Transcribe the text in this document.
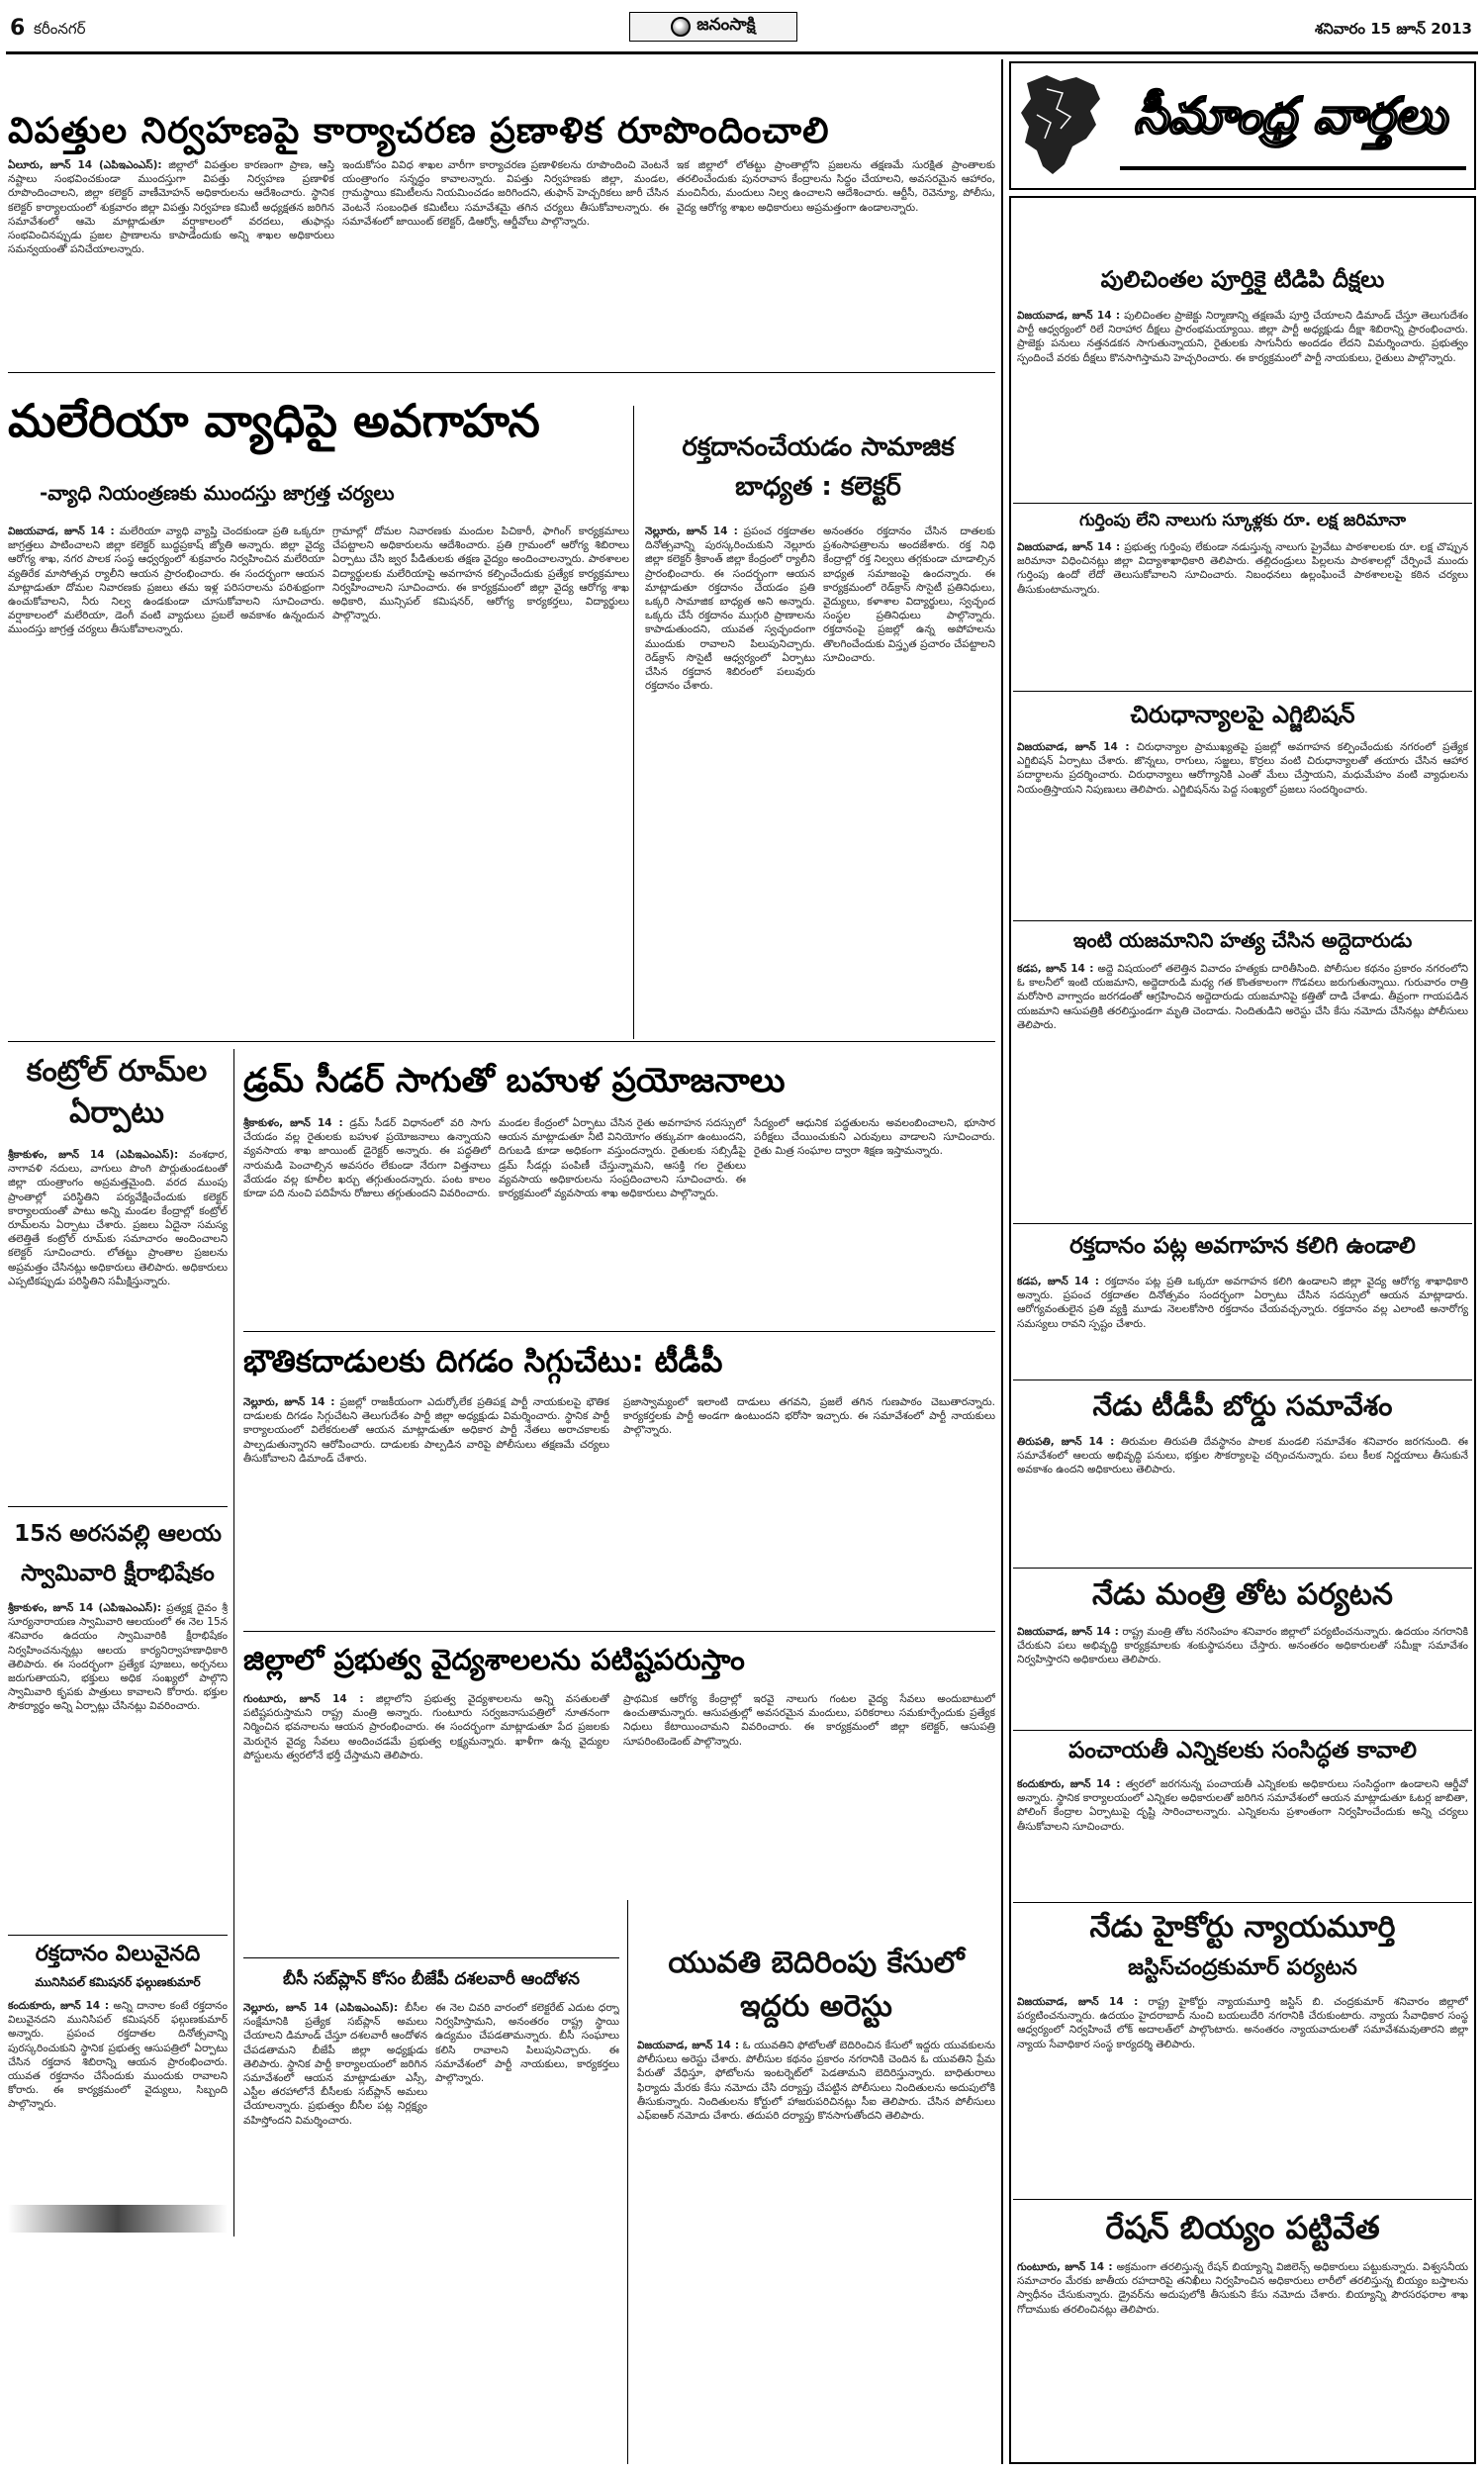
6 కరీంనగర్	జనంసాక్షి	శనివారం 15 జూన్ 2013
విపత్తుల నిర్వహణపై కార్యాచరణ ప్రణాళిక రూపొందించాలి
ఏలూరు, జూన్ 14 (ఎపిఇఎంఎస్): జిల్లాలో విపత్తుల కారణంగా ప్రాణ, ఆస్తి నష్టాలు సంభవించకుండా ముందస్తుగా విపత్తు నిర్వహణ ప్రణాళిక రూపొందించాలని, జిల్లా కలెక్టర్ వాణీమోహన్ అధికారులను ఆదేశించారు. స్థానిక కలెక్టర్ కార్యాలయంలో శుక్రవారం జిల్లా విపత్తు నిర్వహణ కమిటీ అధ్యక్షతన జరిగిన సమావేశంలో ఆమె మాట్లాడుతూ వర్షాకాలంలో వరదలు, తుఫాన్లు సంభవించినప్పుడు ప్రజల ప్రాణాలను కాపాడేందుకు అన్ని శాఖల అధికారులు సమన్వయంతో పనిచేయాలన్నారు.
ఇందుకోసం వివిధ శాఖల వారీగా కార్యాచరణ ప్రణాళికలను రూపొందించి వెంటనే యంత్రాంగం సన్నద్ధం కావాలన్నారు. విపత్తు నిర్వహణకు జిల్లా, మండల, గ్రామస్థాయి కమిటీలను నియమించడం జరిగిందని, తుఫాన్ హెచ్చరికలు జారీ చేసిన వెంటనే సంబంధిత కమిటీలు సమావేశమై తగిన చర్యలు తీసుకోవాలన్నారు. ఈ సమావేశంలో జాయింట్ కలెక్టర్, డిఆర్వో, ఆర్డీవోలు పాల్గొన్నారు.
ఇక జిల్లాలో లోతట్టు ప్రాంతాల్లోని ప్రజలను తక్షణమే సురక్షిత ప్రాంతాలకు తరలించేందుకు పునరావాస కేంద్రాలను సిద్ధం చేయాలని, అవసరమైన ఆహారం, మంచినీరు, మందులు నిల్వ ఉంచాలని ఆదేశించారు. ఆర్టీసీ, రెవెన్యూ, పోలీసు, వైద్య ఆరోగ్య శాఖల అధికారులు అప్రమత్తంగా ఉండాలన్నారు.
మలేరియా వ్యాధిపై అవగాహన
-వ్యాధి నియంత్రణకు ముందస్తు జాగ్రత్త చర్యలు
విజయవాడ, జూన్ 14 : మలేరియా వ్యాధి వ్యాప్తి చెందకుండా ప్రతి ఒక్కరూ జాగ్రత్తలు పాటించాలని జిల్లా కలెక్టర్ బుద్ధప్రకాష్ జ్యోతి అన్నారు. జిల్లా వైద్య ఆరోగ్య శాఖ, నగర పాలక సంస్థ ఆధ్వర్యంలో శుక్రవారం నిర్వహించిన మలేరియా వ్యతిరేక మాసోత్సవ ర్యాలీని ఆయన ప్రారంభించారు. ఈ సందర్భంగా ఆయన మాట్లాడుతూ దోమల నివారణకు ప్రజలు తమ ఇళ్ల పరిసరాలను పరిశుభ్రంగా ఉంచుకోవాలని, నీరు నిల్వ ఉండకుండా చూసుకోవాలని సూచించారు. వర్షాకాలంలో మలేరియా, డెంగీ వంటి వ్యాధులు ప్రబలే అవకాశం ఉన్నందున ముందస్తు జాగ్రత్త చర్యలు తీసుకోవాలన్నారు.
గ్రామాల్లో దోమల నివారణకు మందుల పిచికారీ, ఫాగింగ్ కార్యక్రమాలు చేపట్టాలని అధికారులను ఆదేశించారు. ప్రతి గ్రామంలో ఆరోగ్య శిబిరాలు ఏర్పాటు చేసి జ్వర పీడితులకు తక్షణ వైద్యం అందించాలన్నారు. పాఠశాలల విద్యార్థులకు మలేరియాపై అవగాహన కల్పించేందుకు ప్రత్యేక కార్యక్రమాలు నిర్వహించాలని సూచించారు. ఈ కార్యక్రమంలో జిల్లా వైద్య ఆరోగ్య శాఖ అధికారి, మున్సిపల్ కమిషనర్, ఆరోగ్య కార్యకర్తలు, విద్యార్థులు పాల్గొన్నారు.
రక్తదానంచేయడం సామాజిక బాధ్యత : కలెక్టర్
నెల్లూరు, జూన్ 14 : ప్రపంచ రక్తదాతల దినోత్సవాన్ని పురస్కరించుకుని నెల్లూరు జిల్లా కలెక్టర్ శ్రీకాంత్ జిల్లా కేంద్రంలో ర్యాలీని ప్రారంభించారు. ఈ సందర్భంగా ఆయన మాట్లాడుతూ రక్తదానం చేయడం ప్రతి ఒక్కరి సామాజిక బాధ్యత అని అన్నారు. ఒక్కరు చేసే రక్తదానం ముగ్గురి ప్రాణాలను కాపాడుతుందని, యువత స్వచ్ఛందంగా ముందుకు రావాలని పిలుపునిచ్చారు. రెడ్‌క్రాస్ సొసైటీ ఆధ్వర్యంలో ఏర్పాటు చేసిన రక్తదాన శిబిరంలో పలువురు రక్తదానం చేశారు.
అనంతరం రక్తదానం చేసిన దాతలకు ప్రశంసాపత్రాలను అందజేశారు. రక్త నిధి కేంద్రాల్లో రక్త నిల్వలు తగ్గకుండా చూడాల్సిన బాధ్యత సమాజంపై ఉందన్నారు. ఈ కార్యక్రమంలో రెడ్‌క్రాస్ సొసైటీ ప్రతినిధులు, వైద్యులు, కళాశాల విద్యార్థులు, స్వచ్ఛంద సంస్థల ప్రతినిధులు పాల్గొన్నారు. రక్తదానంపై ప్రజల్లో ఉన్న అపోహలను తొలగించేందుకు విస్తృత ప్రచారం చేపట్టాలని సూచించారు.
కంట్రోల్ రూమ్‌ల ఏర్పాటు
శ్రీకాకుళం, జూన్ 14 (ఎపిఇఎంఎస్): వంశధార, నాగావళి నదులు, వాగులు పొంగి పొర్లుతుండటంతో జిల్లా యంత్రాంగం అప్రమత్తమైంది. వరద ముంపు ప్రాంతాల్లో పరిస్థితిని పర్యవేక్షించేందుకు కలెక్టర్ కార్యాలయంతో పాటు అన్ని మండల కేంద్రాల్లో కంట్రోల్ రూమ్‌లను ఏర్పాటు చేశారు. ప్రజలు ఏదైనా సమస్య తలెత్తితే కంట్రోల్ రూమ్‌కు సమాచారం అందించాలని కలెక్టర్ సూచించారు. లోతట్టు ప్రాంతాల ప్రజలను అప్రమత్తం చేసినట్లు అధికారులు తెలిపారు. అధికారులు ఎప్పటికప్పుడు పరిస్థితిని సమీక్షిస్తున్నారు.
15న అరసవల్లి ఆలయ స్వామివారి క్షీరాభిషేకం
శ్రీకాకుళం, జూన్ 14 (ఎపిఇఎంఎస్): ప్రత్యక్ష దైవం శ్రీ సూర్యనారాయణ స్వామివారి ఆలయంలో ఈ నెల 15న శనివారం ఉదయం స్వామివారికి క్షీరాభిషేకం నిర్వహించనున్నట్లు ఆలయ కార్యనిర్వాహణాధికారి తెలిపారు. ఈ సందర్భంగా ప్రత్యేక పూజలు, అర్చనలు జరుగుతాయని, భక్తులు అధిక సంఖ్యలో పాల్గొని స్వామివారి కృపకు పాత్రులు కావాలని కోరారు. భక్తుల సౌకర్యార్థం అన్ని ఏర్పాట్లు చేసినట్లు వివరించారు.
రక్తదానం విలువైనది
మునిసిపల్ కమిషనర్ ఫల్గుణకుమార్
కందుకూరు, జూన్ 14 : అన్ని దానాల కంటే రక్తదానం విలువైనదని మునిసిపల్ కమిషనర్ ఫల్గుణకుమార్ అన్నారు. ప్రపంచ రక్తదాతల దినోత్సవాన్ని పురస్కరించుకుని స్థానిక ప్రభుత్వ ఆసుపత్రిలో ఏర్పాటు చేసిన రక్తదాన శిబిరాన్ని ఆయన ప్రారంభించారు. యువత రక్తదానం చేసేందుకు ముందుకు రావాలని కోరారు. ఈ కార్యక్రమంలో వైద్యులు, సిబ్బంది పాల్గొన్నారు.
డ్రమ్ సీడర్ సాగుతో బహుళ ప్రయోజనాలు
శ్రీకాకుళం, జూన్ 14 : డ్రమ్ సీడర్ విధానంలో వరి సాగు చేయడం వల్ల రైతులకు బహుళ ప్రయోజనాలు ఉన్నాయని వ్యవసాయ శాఖ జాయింట్ డైరెక్టర్ అన్నారు. ఈ పద్ధతిలో నారుమడి పెంచాల్సిన అవసరం లేకుండా నేరుగా విత్తనాలు వేయడం వల్ల కూలీల ఖర్చు తగ్గుతుందన్నారు. పంట కాలం కూడా పది నుంచి పదిహేను రోజులు తగ్గుతుందని వివరించారు.
మండల కేంద్రంలో ఏర్పాటు చేసిన రైతు అవగాహన సదస్సులో ఆయన మాట్లాడుతూ నీటి వినియోగం తక్కువగా ఉంటుందని, దిగుబడి కూడా అధికంగా వస్తుందన్నారు. రైతులకు సబ్సిడీపై డ్రమ్ సీడర్లు పంపిణీ చేస్తున్నామని, ఆసక్తి గల రైతులు వ్యవసాయ అధికారులను సంప్రదించాలని సూచించారు. ఈ కార్యక్రమంలో వ్యవసాయ శాఖ అధికారులు పాల్గొన్నారు.
సేద్యంలో ఆధునిక పద్ధతులను అవలంబించాలని, భూసార పరీక్షలు చేయించుకుని ఎరువులు వాడాలని సూచించారు. రైతు మిత్ర సంఘాల ద్వారా శిక్షణ ఇస్తామన్నారు.
భౌతికదాడులకు దిగడం సిగ్గుచేటు: టీడీపీ
నెల్లూరు, జూన్ 14 : ప్రజల్లో రాజకీయంగా ఎదుర్కోలేక ప్రతిపక్ష పార్టీ నాయకులపై భౌతిక దాడులకు దిగడం సిగ్గుచేటని తెలుగుదేశం పార్టీ జిల్లా అధ్యక్షుడు విమర్శించారు. స్థానిక పార్టీ కార్యాలయంలో విలేకరులతో ఆయన మాట్లాడుతూ అధికార పార్టీ నేతలు అరాచకాలకు పాల్పడుతున్నారని ఆరోపించారు. దాడులకు పాల్పడిన వారిపై పోలీసులు తక్షణమే చర్యలు తీసుకోవాలని డిమాండ్ చేశారు.
ప్రజాస్వామ్యంలో ఇలాంటి దాడులు తగవని, ప్రజలే తగిన గుణపాఠం చెబుతారన్నారు. కార్యకర్తలకు పార్టీ అండగా ఉంటుందని భరోసా ఇచ్చారు. ఈ సమావేశంలో పార్టీ నాయకులు పాల్గొన్నారు.
జిల్లాలో ప్రభుత్వ వైద్యశాలలను పటిష్టపరుస్తాం
గుంటూరు, జూన్ 14 : జిల్లాలోని ప్రభుత్వ వైద్యశాలలను అన్ని వసతులతో పటిష్టపరుస్తామని రాష్ట్ర మంత్రి అన్నారు. గుంటూరు సర్వజనాసుపత్రిలో నూతనంగా నిర్మించిన భవనాలను ఆయన ప్రారంభించారు. ఈ సందర్భంగా మాట్లాడుతూ పేద ప్రజలకు మెరుగైన వైద్య సేవలు అందించడమే ప్రభుత్వ లక్ష్యమన్నారు. ఖాళీగా ఉన్న వైద్యుల పోస్టులను త్వరలోనే భర్తీ చేస్తామని తెలిపారు.
ప్రాథమిక ఆరోగ్య కేంద్రాల్లో ఇరవై నాలుగు గంటల వైద్య సేవలు అందుబాటులో ఉంచుతామన్నారు. ఆసుపత్రుల్లో అవసరమైన మందులు, పరికరాలు సమకూర్చేందుకు ప్రత్యేక నిధులు కేటాయించామని వివరించారు. ఈ కార్యక్రమంలో జిల్లా కలెక్టర్, ఆసుపత్రి సూపరింటెండెంట్ పాల్గొన్నారు.
బీసీ సబ్‌ప్లాన్ కోసం బీజేపీ దశలవారీ ఆందోళన
నెల్లూరు, జూన్ 14 (ఎపిఇఎంఎస్): బీసీల సంక్షేమానికి ప్రత్యేక సబ్‌ప్లాన్ అమలు చేయాలని డిమాండ్ చేస్తూ దశలవారీ ఆందోళన చేపడతామని బీజేపీ జిల్లా అధ్యక్షుడు తెలిపారు. స్థానిక పార్టీ కార్యాలయంలో జరిగిన సమావేశంలో ఆయన మాట్లాడుతూ ఎస్సీ, ఎస్టీల తరహాలోనే బీసీలకు సబ్‌ప్లాన్ అమలు చేయాలన్నారు. ప్రభుత్వం బీసీల పట్ల నిర్లక్ష్యం వహిస్తోందని విమర్శించారు.
ఈ నెల చివరి వారంలో కలెక్టరేట్ ఎదుట ధర్నా నిర్వహిస్తామని, అనంతరం రాష్ట్ర స్థాయి ఉద్యమం చేపడతామన్నారు. బీసీ సంఘాలు కలిసి రావాలని పిలుపునిచ్చారు. ఈ సమావేశంలో పార్టీ నాయకులు, కార్యకర్తలు పాల్గొన్నారు.
యువతి బెదిరింపు కేసులో ఇద్దరు అరెస్టు
విజయవాడ, జూన్ 14 : ఓ యువతిని ఫోటోలతో బెదిరించిన కేసులో ఇద్దరు యువకులను పోలీసులు అరెస్టు చేశారు. పోలీసుల కథనం ప్రకారం నగరానికి చెందిన ఓ యువతిని ప్రేమ పేరుతో వేధిస్తూ, ఫోటోలను ఇంటర్నెట్‌లో పెడతామని బెదిరిస్తున్నారు. బాధితురాలు ఫిర్యాదు మేరకు కేసు నమోదు చేసి దర్యాప్తు చేపట్టిన పోలీసులు నిందితులను అదుపులోకి తీసుకున్నారు. నిందితులను కోర్టులో హాజరుపరిచినట్లు సీఐ తెలిపారు. చేసిన పోలీసులు ఎఫ్ఐఆర్ నమోదు చేశారు. తదుపరి దర్యాప్తు కొనసాగుతోందని తెలిపారు.
సీమాంధ్ర వార్తలు
పులిచింతల పూర్తికై టిడిపి దీక్షలు
విజయవాడ, జూన్ 14 : పులిచింతల ప్రాజెక్టు నిర్మాణాన్ని తక్షణమే పూర్తి చేయాలని డిమాండ్ చేస్తూ తెలుగుదేశం పార్టీ ఆధ్వర్యంలో రిలే నిరాహార దీక్షలు ప్రారంభమయ్యాయి. జిల్లా పార్టీ అధ్యక్షుడు దీక్షా శిబిరాన్ని ప్రారంభించారు. ప్రాజెక్టు పనులు నత్తనడకన సాగుతున్నాయని, రైతులకు సాగునీరు అందడం లేదని విమర్శించారు. ప్రభుత్వం స్పందించే వరకు దీక్షలు కొనసాగిస్తామని హెచ్చరించారు. ఈ కార్యక్రమంలో పార్టీ నాయకులు, రైతులు పాల్గొన్నారు.
గుర్తింపు లేని నాలుగు స్కూళ్లకు రూ. లక్ష జరిమానా
విజయవాడ, జూన్ 14 : ప్రభుత్వ గుర్తింపు లేకుండా నడుస్తున్న నాలుగు ప్రైవేటు పాఠశాలలకు రూ. లక్ష చొప్పున జరిమానా విధించినట్లు జిల్లా విద్యాశాఖాధికారి తెలిపారు. తల్లిదండ్రులు పిల్లలను పాఠశాలల్లో చేర్పించే ముందు గుర్తింపు ఉందో లేదో తెలుసుకోవాలని సూచించారు. నిబంధనలు ఉల్లంఘించే పాఠశాలలపై కఠిన చర్యలు తీసుకుంటామన్నారు.
చిరుధాన్యాలపై ఎగ్జిబిషన్
విజయవాడ, జూన్ 14 : చిరుధాన్యాల ప్రాముఖ్యతపై ప్రజల్లో అవగాహన కల్పించేందుకు నగరంలో ప్రత్యేక ఎగ్జిబిషన్ ఏర్పాటు చేశారు. జొన్నలు, రాగులు, సజ్జలు, కొర్రలు వంటి చిరుధాన్యాలతో తయారు చేసిన ఆహార పదార్థాలను ప్రదర్శించారు. చిరుధాన్యాలు ఆరోగ్యానికి ఎంతో మేలు చేస్తాయని, మధుమేహం వంటి వ్యాధులను నియంత్రిస్తాయని నిపుణులు తెలిపారు. ఎగ్జిబిషన్‌ను పెద్ద సంఖ్యలో ప్రజలు సందర్శించారు.
ఇంటి యజమానిని హత్య చేసిన అద్దెదారుడు
కడప, జూన్ 14 : అద్దె విషయంలో తలెత్తిన వివాదం హత్యకు దారితీసింది. పోలీసుల కథనం ప్రకారం నగరంలోని ఓ కాలనీలో ఇంటి యజమాని, అద్దెదారుడి మధ్య గత కొంతకాలంగా గొడవలు జరుగుతున్నాయి. గురువారం రాత్రి మరోసారి వాగ్వాదం జరగడంతో ఆగ్రహించిన అద్దెదారుడు యజమానిపై కత్తితో దాడి చేశాడు. తీవ్రంగా గాయపడిన యజమాని ఆసుపత్రికి తరలిస్తుండగా మృతి చెందాడు. నిందితుడిని అరెస్టు చేసి కేసు నమోదు చేసినట్లు పోలీసులు తెలిపారు.
రక్తదానం పట్ల అవగాహన కలిగి ఉండాలి
కడప, జూన్ 14 : రక్తదానం పట్ల ప్రతి ఒక్కరూ అవగాహన కలిగి ఉండాలని జిల్లా వైద్య ఆరోగ్య శాఖాధికారి అన్నారు. ప్రపంచ రక్తదాతల దినోత్సవం సందర్భంగా ఏర్పాటు చేసిన సదస్సులో ఆయన మాట్లాడారు. ఆరోగ్యవంతులైన ప్రతి వ్యక్తి మూడు నెలలకోసారి రక్తదానం చేయవచ్చన్నారు. రక్తదానం వల్ల ఎలాంటి అనారోగ్య సమస్యలు రావని స్పష్టం చేశారు.
నేడు టీడీపీ బోర్డు సమావేశం
తిరుపతి, జూన్ 14 : తిరుమల తిరుపతి దేవస్థానం పాలక మండలి సమావేశం శనివారం జరగనుంది. ఈ సమావేశంలో ఆలయ అభివృద్ధి పనులు, భక్తుల సౌకర్యాలపై చర్చించనున్నారు. పలు కీలక నిర్ణయాలు తీసుకునే అవకాశం ఉందని అధికారులు తెలిపారు.
నేడు మంత్రి తోట పర్యటన
విజయవాడ, జూన్ 14 : రాష్ట్ర మంత్రి తోట నరసింహం శనివారం జిల్లాలో పర్యటించనున్నారు. ఉదయం నగరానికి చేరుకుని పలు అభివృద్ధి కార్యక్రమాలకు శంకుస్థాపనలు చేస్తారు. అనంతరం అధికారులతో సమీక్షా సమావేశం నిర్వహిస్తారని అధికారులు తెలిపారు.
పంచాయతీ ఎన్నికలకు సంసిద్ధత కావాలి
కందుకూరు, జూన్ 14 : త్వరలో జరగనున్న పంచాయతీ ఎన్నికలకు అధికారులు సంసిద్ధంగా ఉండాలని ఆర్డీవో అన్నారు. స్థానిక కార్యాలయంలో ఎన్నికల అధికారులతో జరిగిన సమావేశంలో ఆయన మాట్లాడుతూ ఓటర్ల జాబితా, పోలింగ్ కేంద్రాల ఏర్పాటుపై దృష్టి సారించాలన్నారు. ఎన్నికలను ప్రశాంతంగా నిర్వహించేందుకు అన్ని చర్యలు తీసుకోవాలని సూచించారు.
నేడు హైకోర్టు న్యాయమూర్తి
జస్టిస్‌చంద్రకుమార్ పర్యటన
విజయవాడ, జూన్ 14 : రాష్ట్ర హైకోర్టు న్యాయమూర్తి జస్టిస్ బి. చంద్రకుమార్ శనివారం జిల్లాలో పర్యటించనున్నారు. ఉదయం హైదరాబాద్ నుంచి బయలుదేరి నగరానికి చేరుకుంటారు. న్యాయ సేవాధికార సంస్థ ఆధ్వర్యంలో నిర్వహించే లోక్ అదాలత్‌లో పాల్గొంటారు. అనంతరం న్యాయవాదులతో సమావేశమవుతారని జిల్లా న్యాయ సేవాధికార సంస్థ కార్యదర్శి తెలిపారు.
రేషన్ బియ్యం పట్టివేత
గుంటూరు, జూన్ 14 : అక్రమంగా తరలిస్తున్న రేషన్ బియ్యాన్ని విజిలెన్స్ అధికారులు పట్టుకున్నారు. విశ్వసనీయ సమాచారం మేరకు జాతీయ రహదారిపై తనిఖీలు నిర్వహించిన అధికారులు లారీలో తరలిస్తున్న బియ్యం బస్తాలను స్వాధీనం చేసుకున్నారు. డ్రైవర్‌ను అదుపులోకి తీసుకుని కేసు నమోదు చేశారు. బియ్యాన్ని పౌరసరఫరాల శాఖ గోదాముకు తరలించినట్లు తెలిపారు.
